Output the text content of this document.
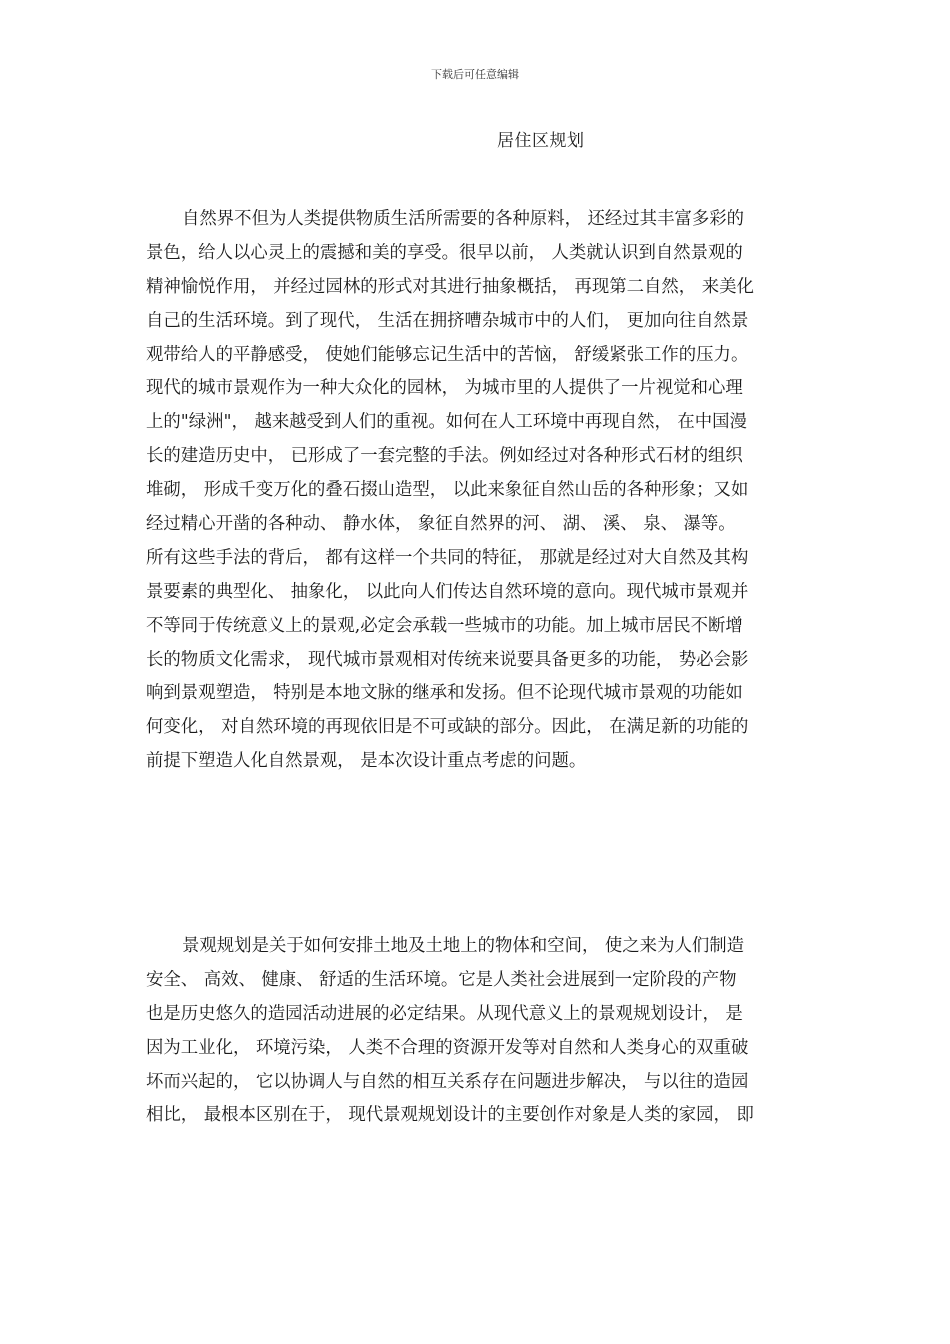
下载后可任意编辑
居住区规划
自然界不但为人类提供物质生活所需要的各种原料， 还经过其丰富多彩的
景色，给人以心灵上的震撼和美的享受。很早以前， 人类就认识到自然景观的
精神愉悦作用， 并经过园林的形式对其进行抽象概括， 再现第二自然， 来美化
自己的生活环境。到了现代， 生活在拥挤嘈杂城市中的人们， 更加向往自然景
观带给人的平静感受， 使她们能够忘记生活中的苦恼， 舒缓紧张工作的压力。
现代的城市景观作为一种大众化的园林， 为城市里的人提供了一片视觉和心理
上的"绿洲"， 越来越受到人们的重视。如何在人工环境中再现自然， 在中国漫
长的建造历史中， 已形成了一套完整的手法。例如经过对各种形式石材的组织
堆砌， 形成千变万化的叠石掇山造型， 以此来象征自然山岳的各种形象；又如
经过精心开凿的各种动、 静水体， 象征自然界的河、 湖、 溪、 泉、 瀑等。
所有这些手法的背后， 都有这样一个共同的特征， 那就是经过对大自然及其构
景要素的典型化、 抽象化， 以此向人们传达自然环境的意向。现代城市景观并
不等同于传统意义上的景观,必定会承载一些城市的功能。加上城市居民不断增
长的物质文化需求， 现代城市景观相对传统来说要具备更多的功能， 势必会影
响到景观塑造， 特别是本地文脉的继承和发扬。但不论现代城市景观的功能如
何变化， 对自然环境的再现依旧是不可或缺的部分。因此， 在满足新的功能的
前提下塑造人化自然景观， 是本次设计重点考虑的问题。
景观规划是关于如何安排土地及土地上的物体和空间， 使之来为人们制造
安全、 高效、 健康、 舒适的生活环境。它是人类社会进展到一定阶段的产物
也是历史悠久的造园活动进展的必定结果。从现代意义上的景观规划设计， 是
因为工业化， 环境污染， 人类不合理的资源开发等对自然和人类身心的双重破
坏而兴起的， 它以协调人与自然的相互关系存在问题进步解决， 与以往的造园
相比， 最根本区别在于， 现代景观规划设计的主要创作对象是人类的家园， 即
